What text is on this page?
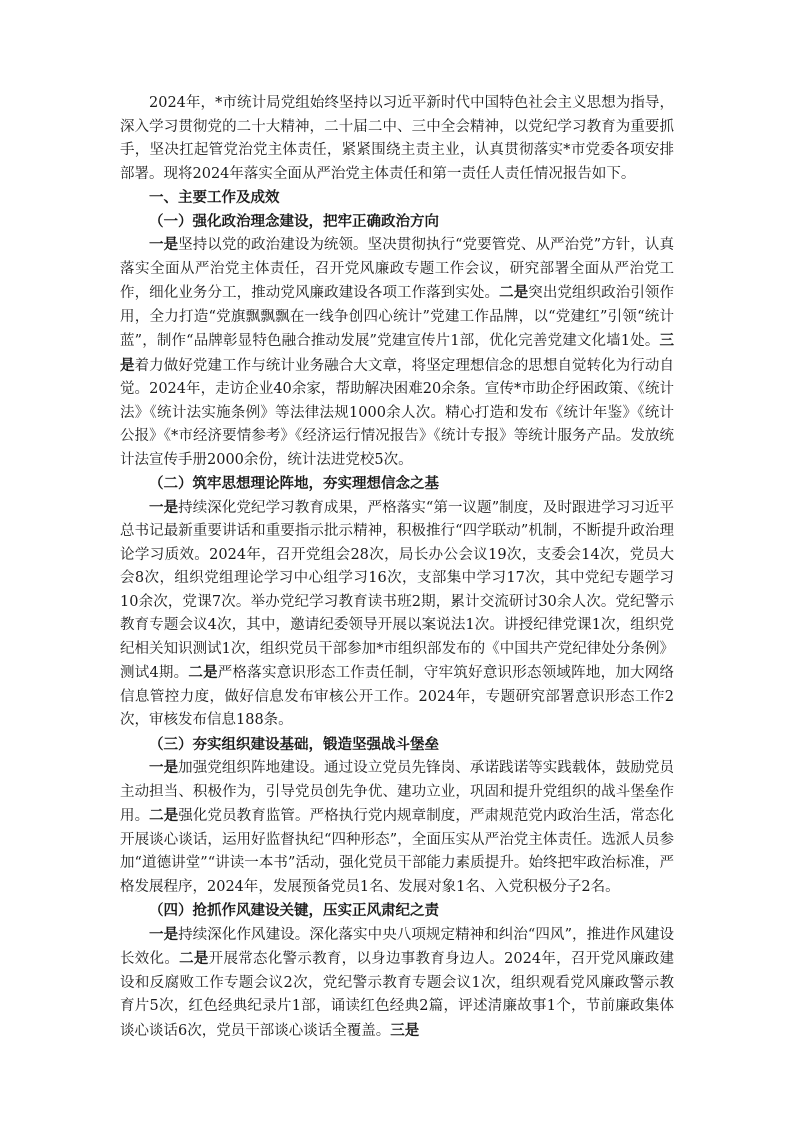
2024年，*市统计局党组始终坚持以习近平新时代中国特色社会主义思想为指导，深入学习贯彻党的二十大精神，二十届二中、三中全会精神，以党纪学习教育为重要抓手，坚决扛起管党治党主体责任，紧紧围绕主责主业，认真贯彻落实*市党委各项安排部署。现将2024年落实全面从严治党主体责任和第一责任人责任情况报告如下。

一、主要工作及成效
（一）强化政治理念建设，把牢正确政治方向

一是坚持以党的政治建设为统领。坚决贯彻执行“党要管党、从严治党”方针，认真落实全面从严治党主体责任，召开党风廉政专题工作会议，研究部署全面从严治党工作，细化业务分工，推动党风廉政建设各项工作落到实处。二是突出党组织政治引领作用，全力打造“党旗飘飘飘在一线争创四心统计”党建工作品牌，以“党建红”引领“统计蓝”，制作“品牌彰显特色融合推动发展”党建宣传片1部，优化完善党建文化墙1处。三是着力做好党建工作与统计业务融合大文章，将坚定理想信念的思想自觉转化为行动自觉。2024年，走访企业40余家，帮助解决困难20余条。宣传*市助企纾困政策、《统计法》《统计法实施条例》等法律法规1000余人次。精心打造和发布《统计年鉴》《统计公报》《*市经济要情参考》《经济运行情况报告》《统计专报》等统计服务产品。发放统计法宣传手册2000余份，统计法进党校5次。

（二）筑牢思想理论阵地，夯实理想信念之基

一是持续深化党纪学习教育成果，严格落实“第一议题”制度，及时跟进学习习近平总书记最新重要讲话和重要指示批示精神，积极推行“四学联动”机制，不断提升政治理论学习质效。2024年，召开党组会28次，局长办公会议19次，支委会14次，党员大会8次，组织党组理论学习中心组学习16次，支部集中学习17次，其中党纪专题学习10余次，党课7次。举办党纪学习教育读书班2期，累计交流研讨30余人次。党纪警示教育专题会议4次，其中，邀请纪委领导开展以案说法1次。讲授纪律党课1次，组织党纪相关知识测试1次，组织党员干部参加*市组织部发布的《中国共产党纪律处分条例》测试4期。二是严格落实意识形态工作责任制，守牢筑好意识形态领域阵地，加大网络信息管控力度，做好信息发布审核公开工作。2024年，专题研究部署意识形态工作2次，审核发布信息188条。

（三）夯实组织建设基础，锻造坚强战斗堡垒

一是加强党组织阵地建设。通过设立党员先锋岗、承诺践诺等实践载体，鼓励党员主动担当、积极作为，引导党员创先争优、建功立业，巩固和提升党组织的战斗堡垒作用。二是强化党员教育监管。严格执行党内规章制度，严肃规范党内政治生活，常态化开展谈心谈话，运用好监督执纪“四种形态”，全面压实从严治党主体责任。选派人员参加“道德讲堂”“讲读一本书”活动，强化党员干部能力素质提升。始终把牢政治标准，严格发展程序，2024年，发展预备党员1名、发展对象1名、入党积极分子2名。

（四）抢抓作风建设关键，压实正风肃纪之责

一是持续深化作风建设。深化落实中央八项规定精神和纠治“四风”，推进作风建设长效化。二是开展常态化警示教育，以身边事教育身边人。2024年，召开党风廉政建设和反腐败工作专题会议2次，党纪警示教育专题会议1次，组织观看党风廉政警示教育片5次，红色经典纪录片1部，诵读红色经典2篇，评述清廉故事1个，节前廉政集体谈心谈话6次，党员干部谈心谈话全覆盖。三是
